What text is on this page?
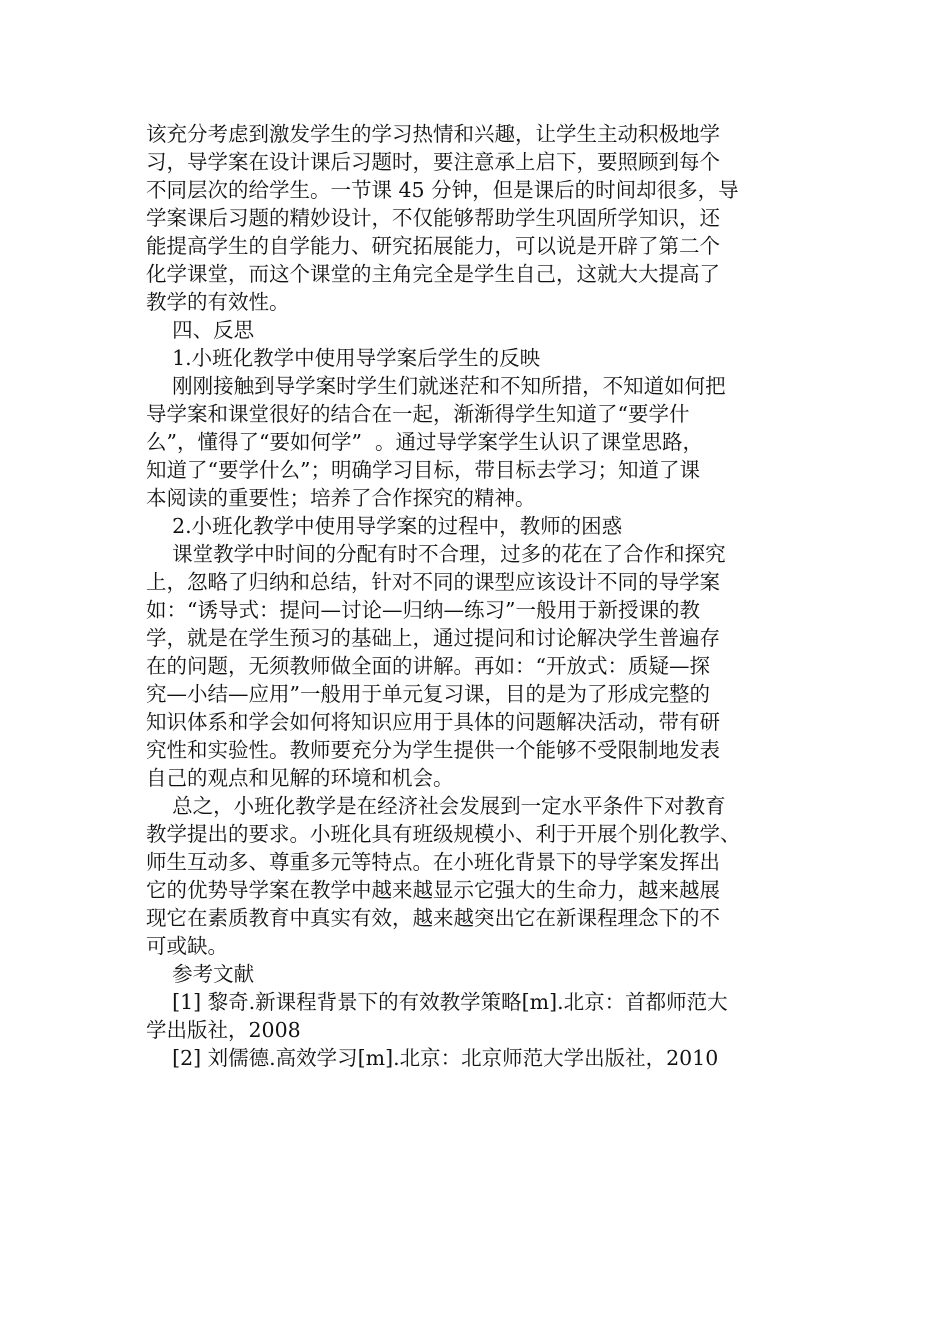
该充分考虑到激发学生的学习热情和兴趣，让学生主动积极地学
习，导学案在设计课后习题时，要注意承上启下，要照顾到每个
不同层次的给学生。一节课 45 分钟，但是课后的时间却很多，导
学案课后习题的精妙设计，不仅能够帮助学生巩固所学知识，还
能提高学生的自学能力、研究拓展能力，可以说是开辟了第二个
化学课堂，而这个课堂的主角完全是学生自己，这就大大提高了
教学的有效性。
四、反思
1.小班化教学中使用导学案后学生的反映
刚刚接触到导学案时学生们就迷茫和不知所措，不知道如何把
导学案和课堂很好的结合在一起，渐渐得学生知道了“要学什
么”，懂得了“要如何学”  。通过导学案学生认识了课堂思路，
知道了“要学什么”；明确学习目标，带目标去学习；知道了课
本阅读的重要性；培养了合作探究的精神。
2.小班化教学中使用导学案的过程中，教师的困惑
课堂教学中时间的分配有时不合理，过多的花在了合作和探究
上，忽略了归纳和总结，针对不同的课型应该设计不同的导学案
如：“诱导式：提问—讨论—归纳—练习”一般用于新授课的教
学，就是在学生预习的基础上，通过提问和讨论解决学生普遍存
在的问题，无须教师做全面的讲解。再如：“开放式：质疑—探
究—小结—应用”一般用于单元复习课，目的是为了形成完整的
知识体系和学会如何将知识应用于具体的问题解决活动，带有研
究性和实验性。教师要充分为学生提供一个能够不受限制地发表
自己的观点和见解的环境和机会。
总之，小班化教学是在经济社会发展到一定水平条件下对教育
教学提出的要求。小班化具有班级规模小、利于开展个别化教学、
师生互动多、尊重多元等特点。在小班化背景下的导学案发挥出
它的优势导学案在教学中越来越显示它强大的生命力，越来越展
现它在素质教育中真实有效，越来越突出它在新课程理念下的不
可或缺。
参考文献
[1] 黎奇.新课程背景下的有效教学策略[m].北京：首都师范大
学出版社，2008
[2] 刘儒德.高效学习[m].北京：北京师范大学出版社，2010
